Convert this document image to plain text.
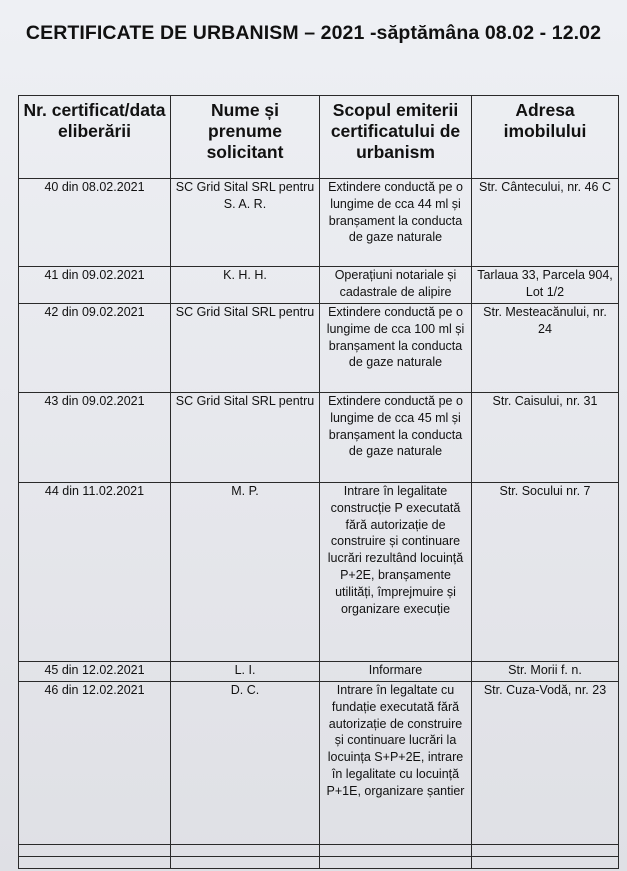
CERTIFICATE DE URBANISM – 2021 -săptămâna 08.02 - 12.02
Nr. certificat/data eliberării	Nume și prenume solicitant	Scopul emiterii certificatului de urbanism	Adresa imobilului
40 din 08.02.2021	SC Grid Sital SRL pentru S. A. R.	Extindere conductă pe o lungime de cca 44 ml și branșament la conducta de gaze naturale	Str. Cântecului, nr. 46 C
41 din 09.02.2021	K. H. H.	Operațiuni notariale și cadastrale de alipire	Tarlaua 33, Parcela 904, Lot 1/2
42 din 09.02.2021	SC Grid Sital SRL pentru	Extindere conductă pe o lungime de cca 100 ml și branșament la conducta de gaze naturale	Str. Mesteacănului, nr. 24
43 din 09.02.2021	SC Grid Sital SRL pentru	Extindere conductă pe o lungime de cca 45 ml și branșament la conducta de gaze naturale	Str. Caisului, nr. 31
44 din 11.02.2021	M. P.	Intrare în legalitate construcție P executată fără autorizație de construire și continuare lucrări rezultând locuință P+2E, branșamente utilități, împrejmuire și organizare execuție	Str. Socului nr. 7
45 din 12.02.2021	L. I.	Informare	Str. Morii f. n.
46 din 12.02.2021	D. C.	Intrare în legaltate cu fundație executată fără autorizație de construire și continuare lucrări la locuința S+P+2E, intrare în legalitate cu locuință P+1E, organizare șantier	Str. Cuza-Vodă, nr. 23
